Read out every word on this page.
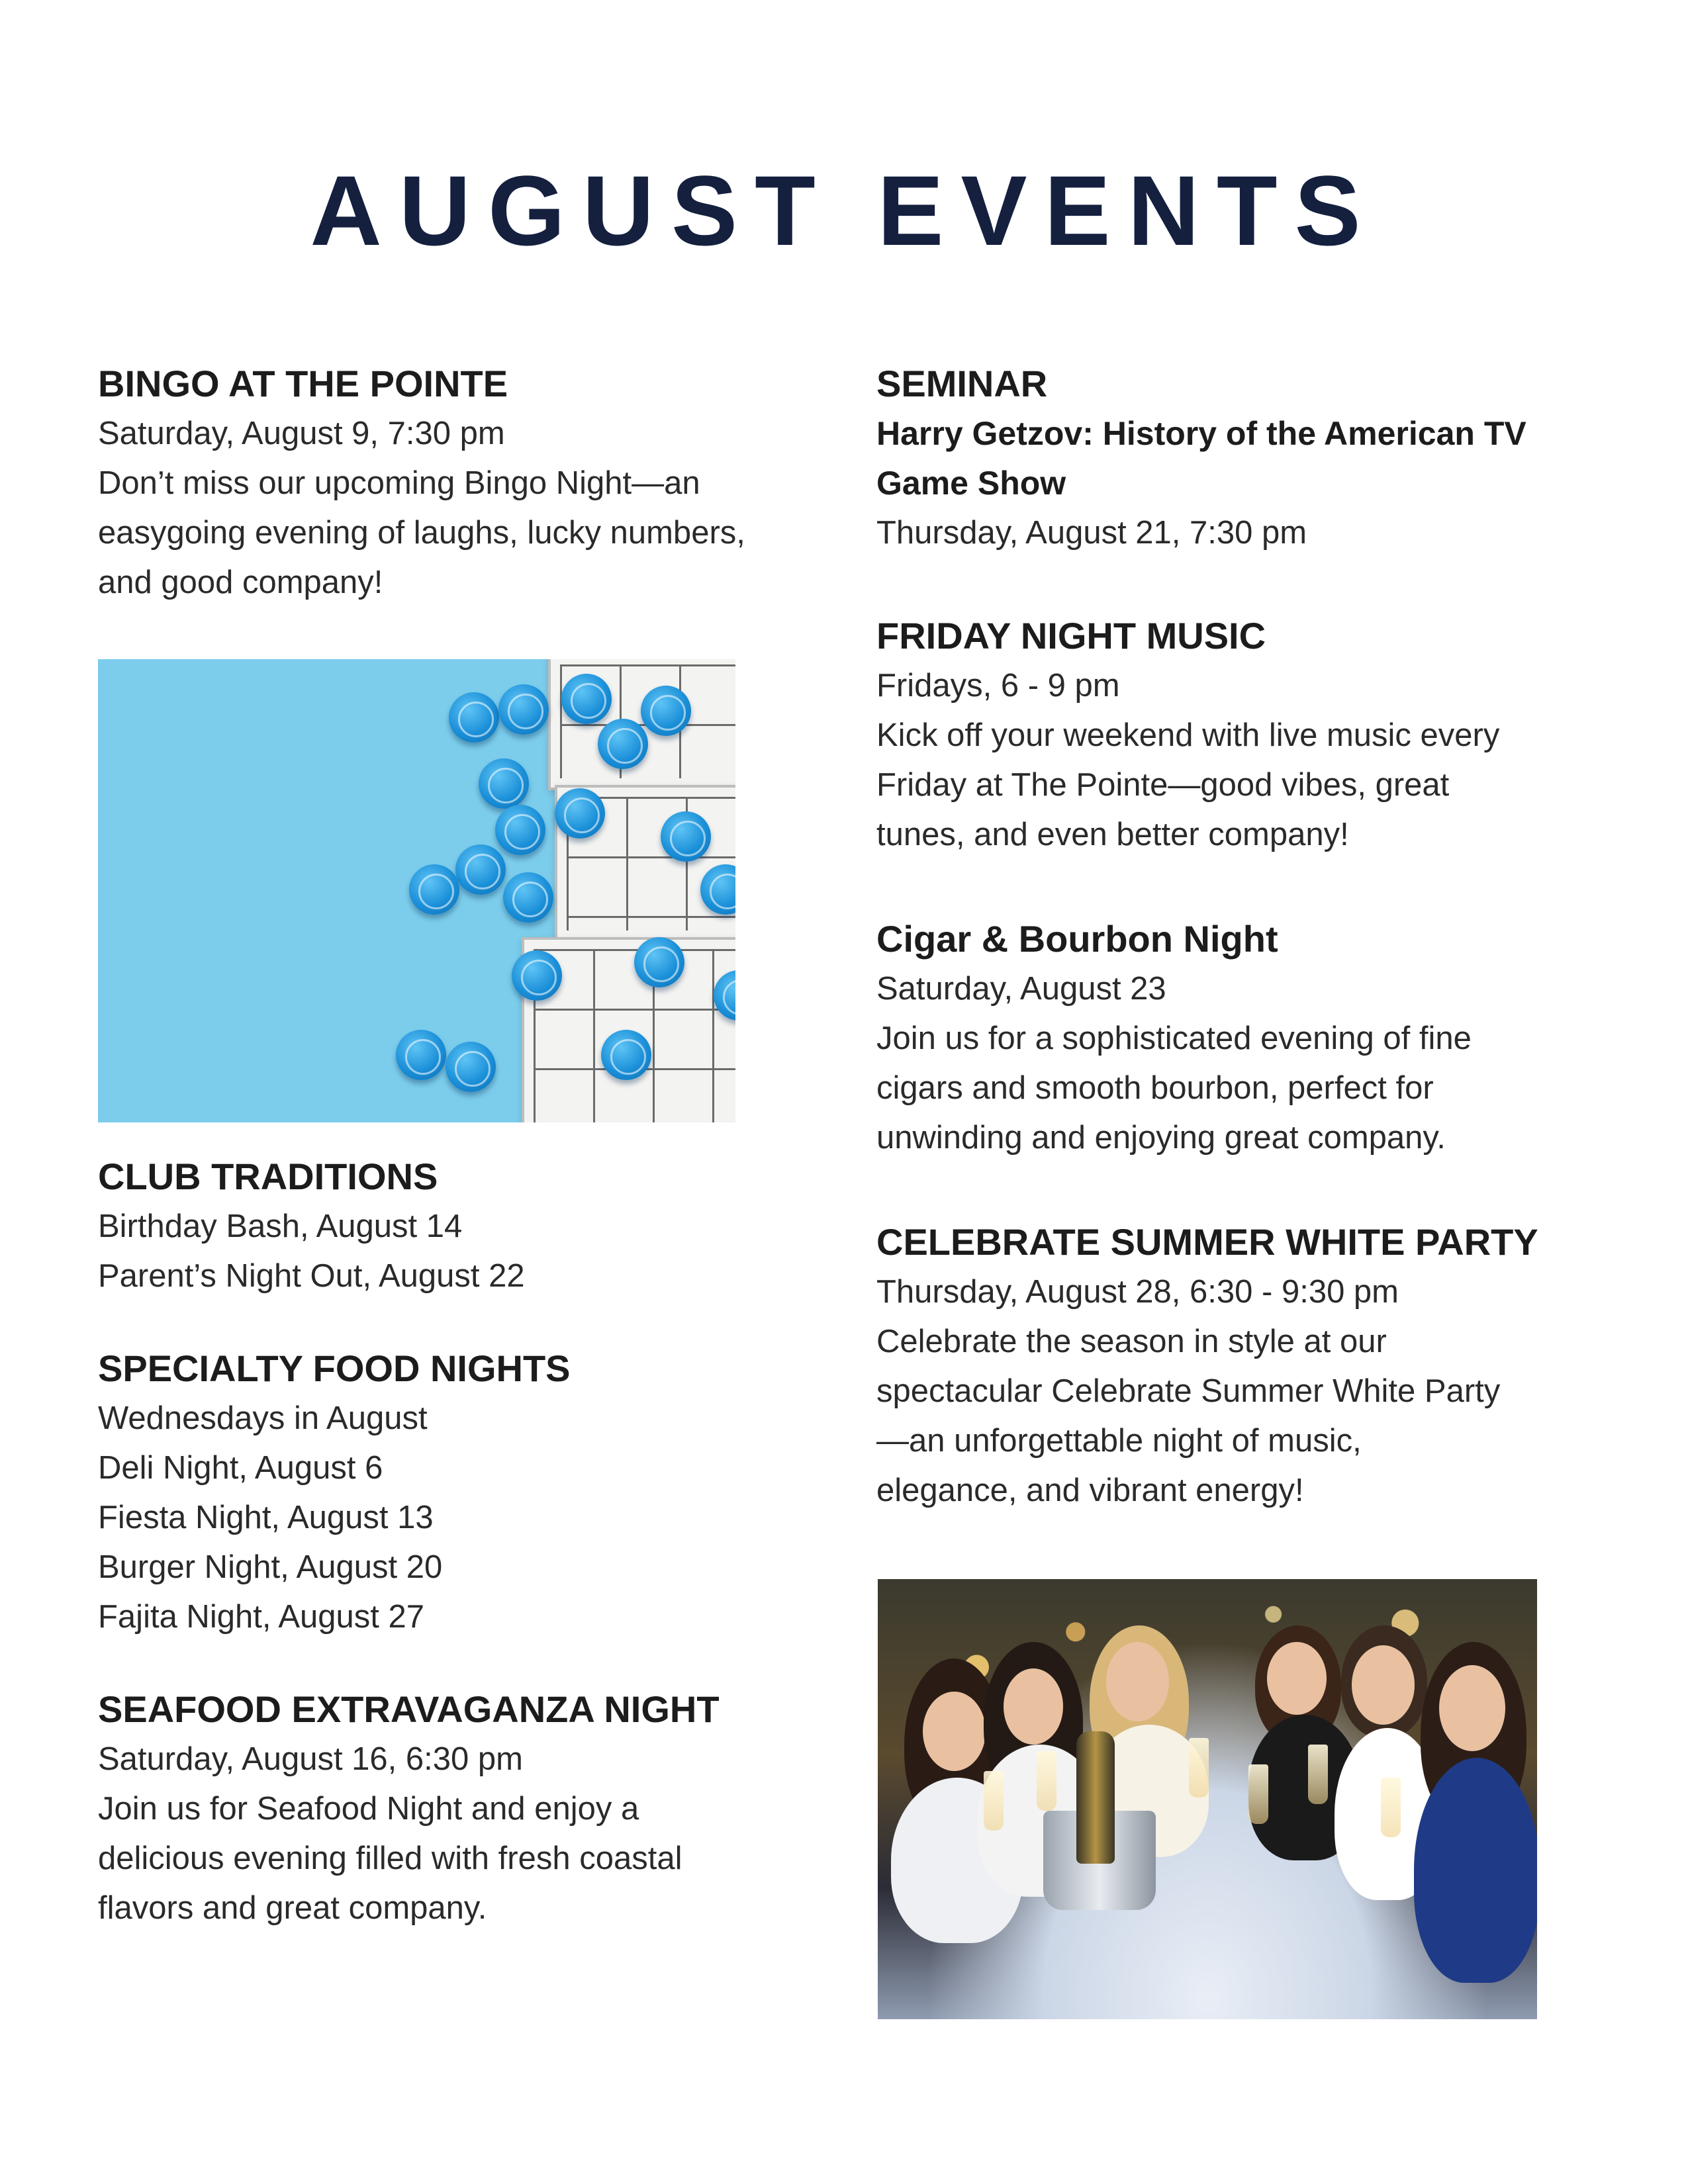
AUGUST EVENTS

BINGO AT THE POINTE

Saturday, August 9, 7:30 pm

Don’t miss our upcoming Bingo Night—an

easygoing evening of laughs, lucky numbers,

and good company!

CLUB TRADITIONS

Birthday Bash, August 14

Parent’s Night Out, August 22

SPECIALTY FOOD NIGHTS

Wednesdays in August

Deli Night, August 6

Fiesta Night, August 13

Burger Night, August 20

Fajita Night, August 27

SEAFOOD EXTRAVAGANZA NIGHT

Saturday, August 16, 6:30 pm

Join us for Seafood Night and enjoy a

delicious evening filled with fresh coastal

flavors and great company.

SEMINAR

Harry Getzov: History of the American TV

Game Show

Thursday, August 21, 7:30 pm

FRIDAY NIGHT MUSIC

Fridays, 6 - 9 pm

Kick off your weekend with live music every

Friday at The Pointe—good vibes, great

tunes, and even better company!

Cigar & Bourbon Night

Saturday, August 23

Join us for a sophisticated evening of fine

cigars and smooth bourbon, perfect for

unwinding and enjoying great company.

CELEBRATE SUMMER WHITE PARTY

Thursday, August 28, 6:30 - 9:30 pm

Celebrate the season in style at our

spectacular Celebrate Summer White Party

—an unforgettable night of music,

elegance, and vibrant energy!
